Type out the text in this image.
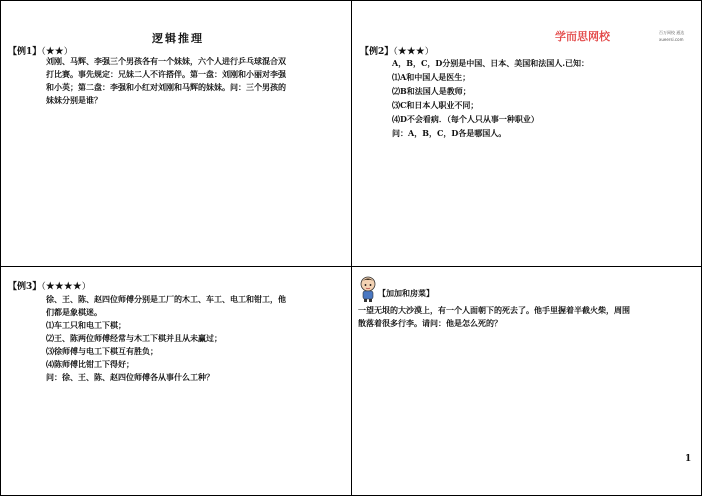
逻辑推理
【例1】（★★）
刘刚、马辉、李强三个男孩各有一个妹妹，六个人进行乒乓球混合双
打比赛。事先规定：兄妹二人不许搭伴。第一盘：刘刚和小丽对李强
和小英；第二盘：李强和小红对刘刚和马辉的妹妹。问：三个男孩的
妹妹分别是谁？
学而思网校	百万网校 通达
xueersi.com
【例2】（★★★）
A，B，C，D分别是中国、日本、美国和法国人.已知：
⑴A和中国人是医生；
⑵B和法国人是教师；
⑶C和日本人职业不同；
⑷D不会看病．（每个人只从事一种职业）
问：A，B，C，D各是哪国人。
【例3】（★★★★）
徐、王、陈、赵四位师傅分别是工厂的木工、车工、电工和钳工，他
们都是象棋迷。
⑴车工只和电工下棋；
⑵王、陈两位师傅经常与木工下棋并且从未赢过；
⑶徐师傅与电工下棋互有胜负；
⑷陈师傅比钳工下得好；
问：徐、王、陈、赵四位师傅各从事什么工种？
【加加和房菜】
一望无垠的大沙漠上，有一个人面朝下的死去了。他手里握着半截火柴，周围
散落着很多行李。请问：他是怎么死的？
1
